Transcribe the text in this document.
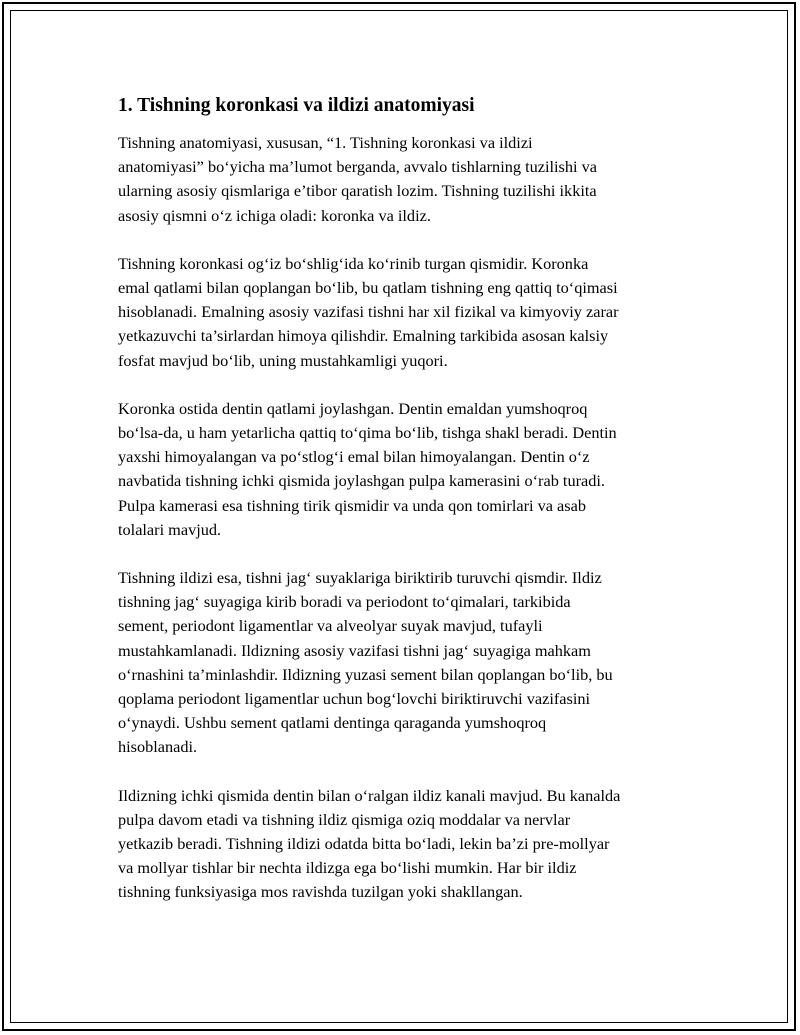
1. Tishning koronkasi va ildizi anatomiyasi

Tishning anatomiyasi, xususan, “1. Tishning koronkasi va ildizi
anatomiyasi” bo‘yicha ma’lumot berganda, avvalo tishlarning tuzilishi va
ularning asosiy qismlariga e’tibor qaratish lozim. Tishning tuzilishi ikkita
asosiy qismni o‘z ichiga oladi: koronka va ildiz.

Tishning koronkasi og‘iz bo‘shlig‘ida ko‘rinib turgan qismidir. Koronka
emal qatlami bilan qoplangan bo‘lib, bu qatlam tishning eng qattiq to‘qimasi
hisoblanadi. Emalning asosiy vazifasi tishni har xil fizikal va kimyoviy zarar
yetkazuvchi ta’sirlardan himoya qilishdir. Emalning tarkibida asosan kalsiy
fosfat mavjud bo‘lib, uning mustahkamligi yuqori.

Koronka ostida dentin qatlami joylashgan. Dentin emaldan yumshoqroq
bo‘lsa-da, u ham yetarlicha qattiq to‘qima bo‘lib, tishga shakl beradi. Dentin
yaxshi himoyalangan va po‘stlog‘i emal bilan himoyalangan. Dentin o‘z
navbatida tishning ichki qismida joylashgan pulpa kamerasini o‘rab turadi.
Pulpa kamerasi esa tishning tirik qismidir va unda qon tomirlari va asab
tolalari mavjud.

Tishning ildizi esa, tishni jag‘ suyaklariga biriktirib turuvchi qismdir. Ildiz
tishning jag‘ suyagiga kirib boradi va periodont to‘qimalari, tarkibida
sement, periodont ligamentlar va alveolyar suyak mavjud, tufayli
mustahkamlanadi. Ildizning asosiy vazifasi tishni jag‘ suyagiga mahkam
o‘rnashini ta’minlashdir. Ildizning yuzasi sement bilan qoplangan bo‘lib, bu
qoplama periodont ligamentlar uchun bog‘lovchi biriktiruvchi vazifasini
o‘ynaydi. Ushbu sement qatlami dentinga qaraganda yumshoqroq
hisoblanadi.

Ildizning ichki qismida dentin bilan o‘ralgan ildiz kanali mavjud. Bu kanalda
pulpa davom etadi va tishning ildiz qismiga oziq moddalar va nervlar
yetkazib beradi. Tishning ildizi odatda bitta bo‘ladi, lekin ba’zi pre-mollyar
va mollyar tishlar bir nechta ildizga ega bo‘lishi mumkin. Har bir ildiz
tishning funksiyasiga mos ravishda tuzilgan yoki shakllangan.
